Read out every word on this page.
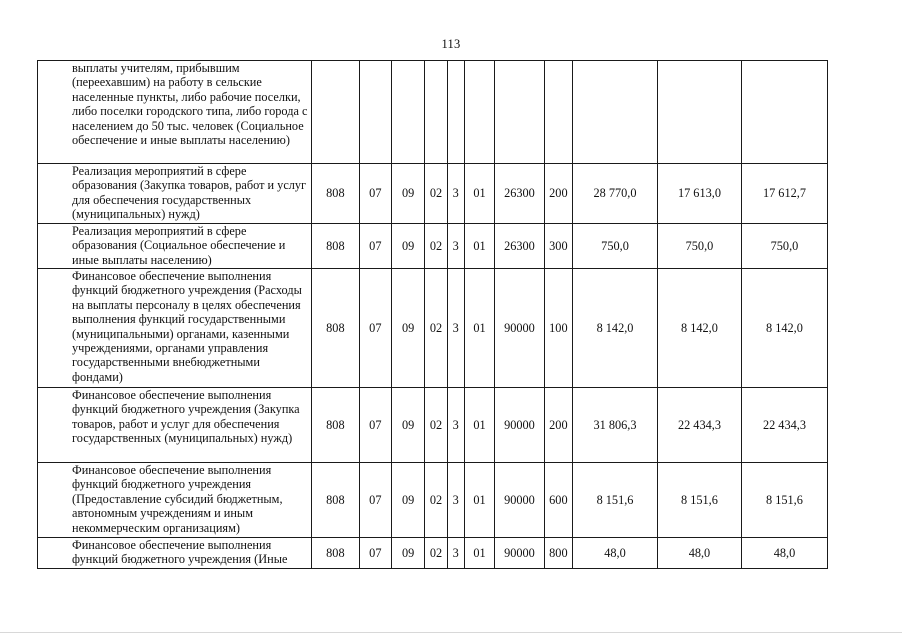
113
выплаты учителям, прибывшим (переехавшим) на работу в сельские населенные пункты, либо рабочие поселки, либо поселки городского типа, либо города с населением до 50 тыс. человек (Социальное обеспечение и иные выплаты населению)											
Реализация мероприятий в сфере образования (Закупка товаров, работ и услуг для обеспечения государственных (муниципальных) нужд)	808	07	09	02	3	01	26300	200	28 770,0	17 613,0	17 612,7
Реализация мероприятий в сфере образования (Социальное обеспечение и иные выплаты населению)	808	07	09	02	3	01	26300	300	750,0	750,0	750,0
Финансовое обеспечение выполнения функций бюджетного учреждения (Расходы на выплаты персоналу в целях обеспечения выполнения функций государственными (муниципальными) органами, казенными учреждениями, органами управления государственными внебюджетными фондами)	808	07	09	02	3	01	90000	100	8 142,0	8 142,0	8 142,0
Финансовое обеспечение выполнения функций бюджетного учреждения (Закупка товаров, работ и услуг для обеспечения государственных (муниципальных) нужд)	808	07	09	02	3	01	90000	200	31 806,3	22 434,3	22 434,3
Финансовое обеспечение выполнения функций бюджетного учреждения (Предоставление субсидий бюджетным, автономным учреждениям и иным некоммерческим организациям)	808	07	09	02	3	01	90000	600	8 151,6	8 151,6	8 151,6
Финансовое обеспечение выполнения функций бюджетного учреждения (Иные	808	07	09	02	3	01	90000	800	48,0	48,0	48,0
